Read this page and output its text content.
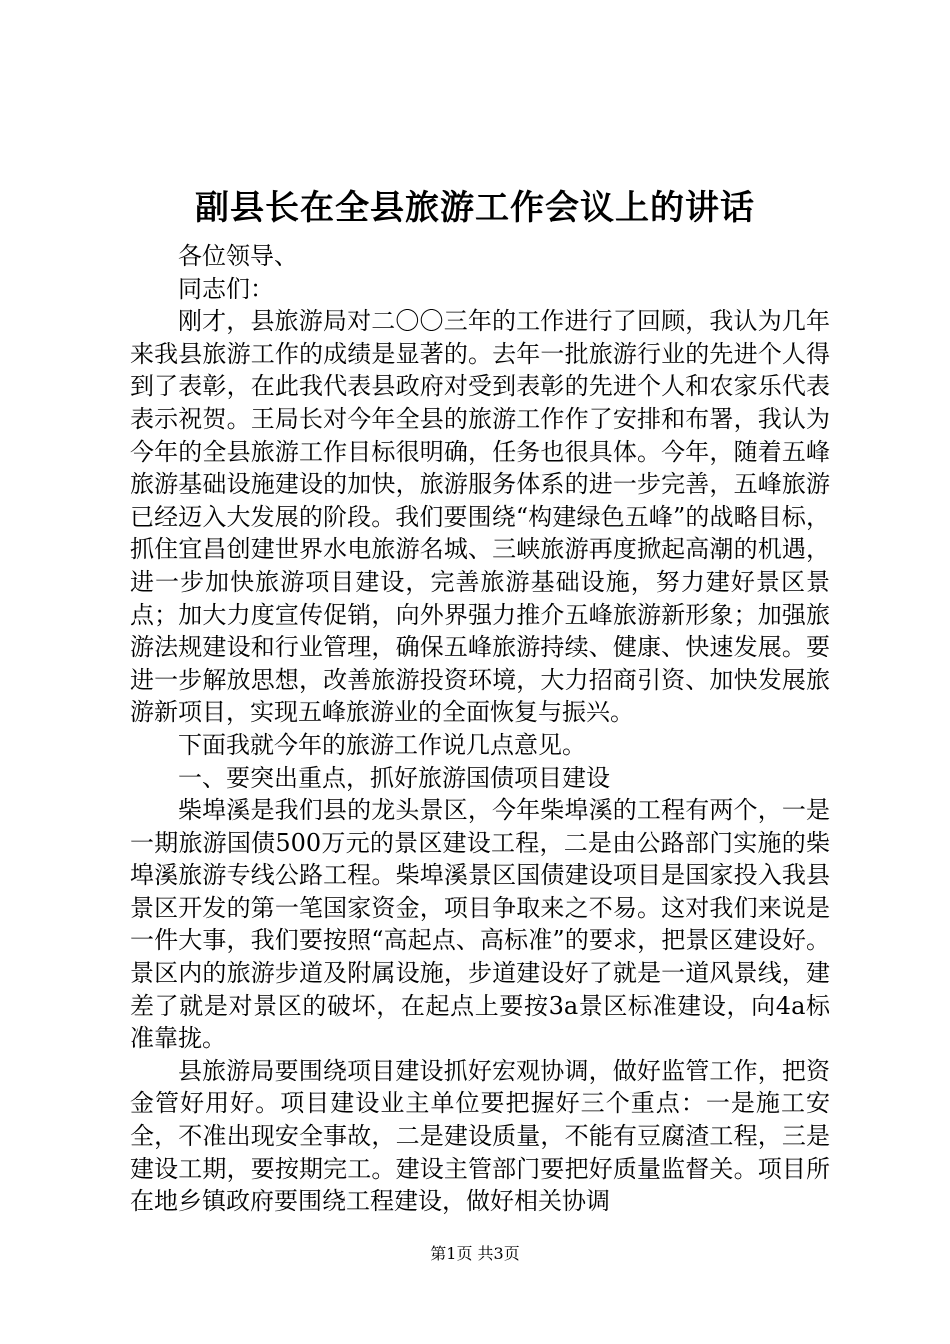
副县长在全县旅游工作会议上的讲话

各位领导、

同志们：

刚才，县旅游局对二〇〇三年的工作进行了回顾，我认为几年来我县旅游工作的成绩是显著的。去年一批旅游行业的先进个人得到了表彰，在此我代表县政府对受到表彰的先进个人和农家乐代表表示祝贺。王局长对今年全县的旅游工作作了安排和布署，我认为今年的全县旅游工作目标很明确，任务也很具体。今年，随着五峰旅游基础设施建设的加快，旅游服务体系的进一步完善，五峰旅游已经迈入大发展的阶段。我们要围绕“构建绿色五峰”的战略目标，抓住宜昌创建世界水电旅游名城、三峡旅游再度掀起高潮的机遇，进一步加快旅游项目建设，完善旅游基础设施，努力建好景区景点；加大力度宣传促销，向外界强力推介五峰旅游新形象；加强旅游法规建设和行业管理，确保五峰旅游持续、健康、快速发展。要进一步解放思想，改善旅游投资环境，大力招商引资、加快发展旅游新项目，实现五峰旅游业的全面恢复与振兴。

下面我就今年的旅游工作说几点意见。

一、要突出重点，抓好旅游国债项目建设

柴埠溪是我们县的龙头景区，今年柴埠溪的工程有两个，一是一期旅游国债500万元的景区建设工程，二是由公路部门实施的柴埠溪旅游专线公路工程。柴埠溪景区国债建设项目是国家投入我县景区开发的第一笔国家资金，项目争取来之不易。这对我们来说是一件大事，我们要按照“高起点、高标准”的要求，把景区建设好。景区内的旅游步道及附属设施，步道建设好了就是一道风景线，建差了就是对景区的破坏，在起点上要按3a景区标准建设，向4a标准靠拢。

县旅游局要围绕项目建设抓好宏观协调，做好监管工作，把资金管好用好。项目建设业主单位要把握好三个重点：一是施工安全，不准出现安全事故，二是建设质量，不能有豆腐渣工程，三是建设工期，要按期完工。建设主管部门要把好质量监督关。项目所在地乡镇政府要围绕工程建设，做好相关协调

第1页 共3页
